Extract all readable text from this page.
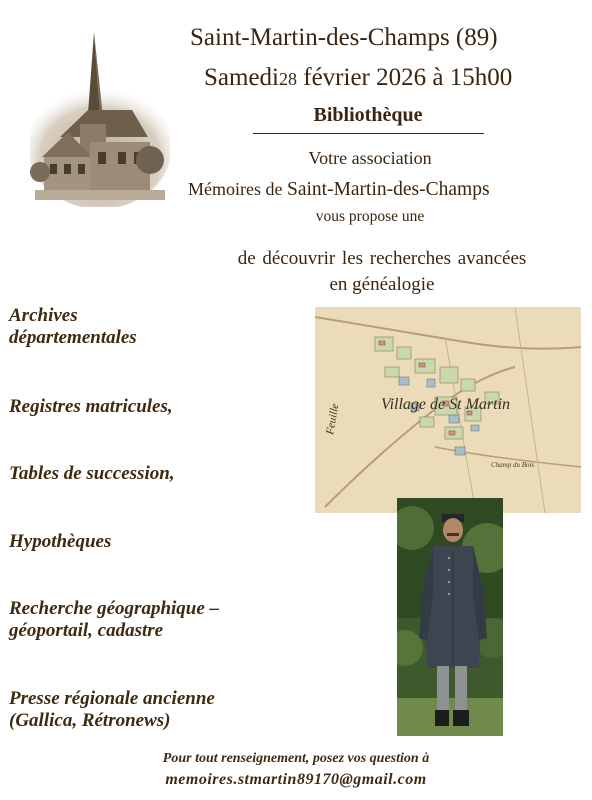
Saint-Martin-des-Champs (89)
Samedi28 février 2026 à 15h00
Bibliothèque
Votre association
Mémoires de Saint-Martin-des-Champs
vous propose une
de découvrir les recherches avancées
en généalogie
Archives
départementales
Registres matricules,
Tables de succession,
Hypothèques
Recherche géographique –
géoportail, cadastre
Presse régionale ancienne
(Gallica, Rétronews)
Village de St Martin
Feuille
Champ du Bois
Pour tout renseignement, posez vos question à
memoires.stmartin89170@gmail.com
